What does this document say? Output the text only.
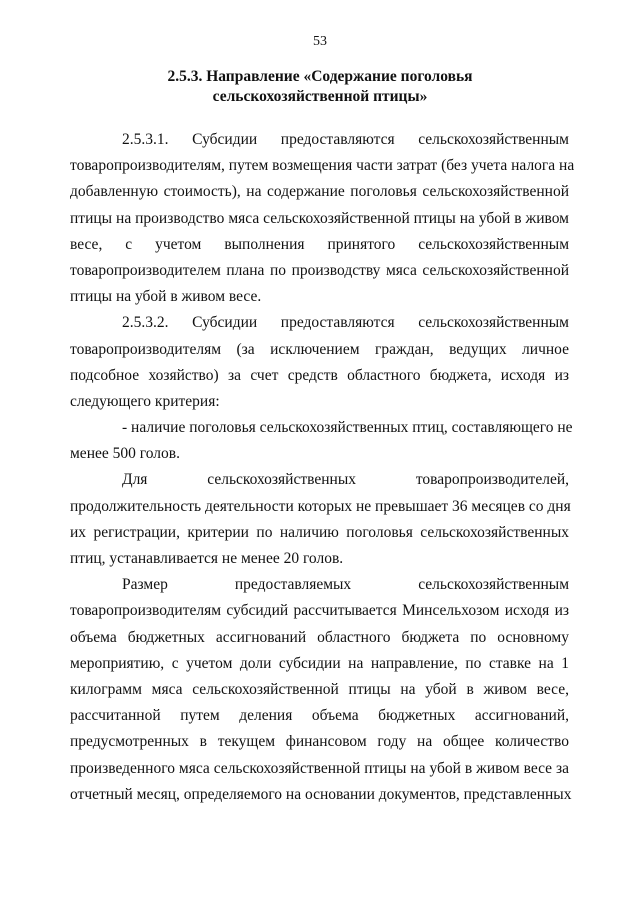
53
2.5.3. Направление «Содержание поголовья
сельскохозяйственной птицы»
2.5.3.1. Субсидии предоставляются сельскохозяйственным
товаропроизводителям, путем возмещения части затрат (без учета налога на
добавленную стоимость), на содержание поголовья сельскохозяйственной
птицы на производство мяса сельскохозяйственной птицы на убой в живом
весе, с учетом выполнения принятого сельскохозяйственным
товаропроизводителем плана по производству мяса сельскохозяйственной
птицы на убой в живом весе.
2.5.3.2. Субсидии предоставляются сельскохозяйственным
товаропроизводителям (за исключением граждан, ведущих личное
подсобное хозяйство) за счет средств областного бюджета, исходя из
следующего критерия:
- наличие поголовья сельскохозяйственных птиц, составляющего не
менее 500 голов.
Для сельскохозяйственных товаропроизводителей,
продолжительность деятельности которых не превышает 36 месяцев со дня
их регистрации, критерии по наличию поголовья сельскохозяйственных
птиц, устанавливается не менее 20 голов.
Размер предоставляемых сельскохозяйственным
товаропроизводителям субсидий рассчитывается Минсельхозом исходя из
объема бюджетных ассигнований областного бюджета по основному
мероприятию, с учетом доли субсидии на направление, по ставке на 1
килограмм мяса сельскохозяйственной птицы на убой в живом весе,
рассчитанной путем деления объема бюджетных ассигнований,
предусмотренных в текущем финансовом году на общее количество
произведенного мяса сельскохозяйственной птицы на убой в живом весе за
отчетный месяц, определяемого на основании документов, представленных
